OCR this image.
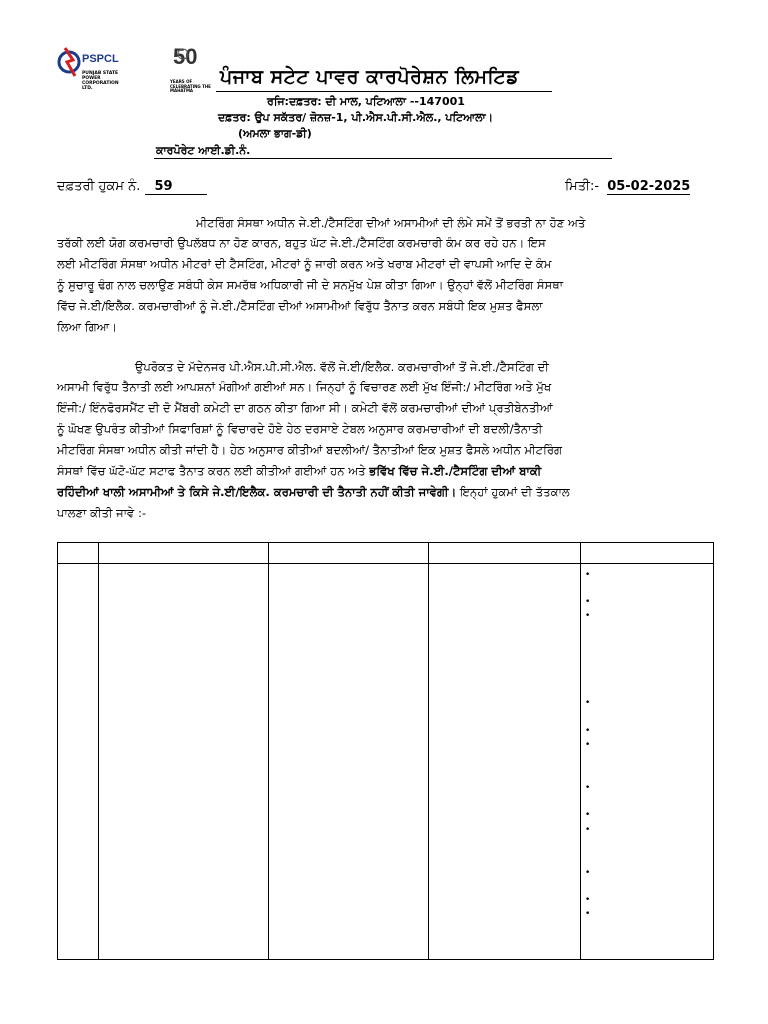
PSPCL 50
PUNJAB STATE POWER CORPORATION LTD.
YEARS OF CELEBRATING THE MAHATMA
ਪੰਜਾਬ ਸਟੇਟ ਪਾਵਰ ਕਾਰਪੋਰੇਸ਼ਨ ਲਿਮਟਿਡ
ਰਜਿ:ਦਫ਼ਤਰ: ਦੀ ਮਾਲ, ਪਟਿਆਲਾ --147001
ਦਫ਼ਤਰ: ਉਪ ਸਕੱਤਰ/ ਜ਼ੋਨਜ਼-1, ਪੀ.ਐਸ.ਪੀ.ਸੀ.ਐਲ., ਪਟਿਆਲਾ।
(ਅਮਲਾ ਭਾਗ-ਡੀ)
ਕਾਰਪੋਰੇਟ ਆਈ.ਡੀ.ਨੰ.
ਦਫ਼ਤਰੀ ਹੁਕਮ ਨੰ. 59	ਮਿਤੀ:- 05-02-2025
ਮੀਟਰਿੰਗ ਸੰਸਥਾ ਅਧੀਨ ਜੇ.ਈ./ਟੈਸਟਿੰਗ ਦੀਆਂ ਅਸਾਮੀਆਂ ਦੀ ਲੰਮੇ ਸਮੇਂ ਤੋਂ ਭਰਤੀ ਨਾ ਹੋਣ ਅਤੇ
ਤਰੱਕੀ ਲਈ ਯੋਗ ਕਰਮਚਾਰੀ ਉਪਲੱਬਧ ਨਾ ਹੋਣ ਕਾਰਨ, ਬਹੁਤ ਘੱਟ ਜੇ.ਈ./ਟੈਸਟਿੰਗ ਕਰਮਚਾਰੀ ਕੰਮ ਕਰ ਰਹੇ ਹਨ। ਇਸ
ਲਈ ਮੀਟਰਿੰਗ ਸੰਸਥਾ ਅਧੀਨ ਮੀਟਰਾਂ ਦੀ ਟੈਸਟਿੰਗ, ਮੀਟਰਾਂ ਨੂੰ ਜਾਰੀ ਕਰਨ ਅਤੇ ਖਰਾਬ ਮੀਟਰਾਂ ਦੀ ਵਾਪਸੀ ਆਦਿ ਦੇ ਕੰਮ
ਨੂੰ ਸੁਚਾਰੂ ਢੰਗ ਨਾਲ ਚਲਾਉਣ ਸਬੰਧੀ ਕੇਸ ਸਮਰੱਥ ਅਧਿਕਾਰੀ ਜੀ ਦੇ ਸਨਮੁੱਖ ਪੇਸ਼ ਕੀਤਾ ਗਿਆ। ਉਨ੍ਹਾਂ ਵੱਲੋਂ ਮੀਟਰਿੰਗ ਸੰਸਥਾ
ਵਿੱਚ ਜੇ.ਈ/ਇਲੈਕ. ਕਰਮਚਾਰੀਆਂ ਨੂੰ ਜੇ.ਈ./ਟੈਸਟਿੰਗ ਦੀਆਂ ਅਸਾਮੀਆਂ ਵਿਰੁੱਧ ਤੈਨਾਤ ਕਰਨ ਸਬੰਧੀ ਇਕ ਮੁਸ਼ਤ ਫੈਸਲਾ
ਲਿਆ ਗਿਆ।
ਉਪਰੋਕਤ ਦੇ ਮੱਦੇਨਜਰ ਪੀ.ਐਸ.ਪੀ.ਸੀ.ਐਲ. ਵੱਲੋਂ ਜੇ.ਈ/ਇਲੈਕ. ਕਰਮਚਾਰੀਆਂ ਤੋਂ ਜੇ.ਈ./ਟੈਸਟਿੰਗ ਦੀ
ਅਸਾਮੀ ਵਿਰੁੱਧ ਤੈਨਾਤੀ ਲਈ ਆਪਸ਼ਨਾਂ ਮੰਗੀਆਂ ਗਈਆਂ ਸਨ। ਜਿਨ੍ਹਾਂ ਨੂੰ ਵਿਚਾਰਣ ਲਈ ਮੁੱਖ ਇੰਜੀ:/ ਮੀਟਰਿੰਗ ਅਤੇ ਮੁੱਖ
ਇੰਜੀ:/ ਇੰਨਫੋਰਸਮੈਂਟ ਦੀ ਦੋ ਮੈਂਬਰੀ ਕਮੇਟੀ ਦਾ ਗਠਨ ਕੀਤਾ ਗਿਆ ਸੀ। ਕਮੇਟੀ ਵੱਲੋਂ ਕਰਮਚਾਰੀਆਂ ਦੀਆਂ ਪ੍ਰਤੀਬੇਨਤੀਆਂ
ਨੂੰ ਘੋਖਣ ਉਪਰੰਤ ਕੀਤੀਆਂ ਸਿਫਾਰਿਸ਼ਾਂ ਨੂੰ ਵਿਚਾਰਦੇ ਹੋਏ ਹੇਠ ਦਰਸਾਏ ਟੇਬਲ ਅਨੁਸਾਰ ਕਰਮਚਾਰੀਆਂ ਦੀ ਬਦਲੀ/ਤੈਨਾਤੀ
ਮੀਟਰਿੰਗ ਸੰਸਥਾ ਅਧੀਨ ਕੀਤੀ ਜਾਂਦੀ ਹੈ। ਹੇਠ ਅਨੁਸਾਰ ਕੀਤੀਆਂ ਬਦਲੀਆਂ/ ਤੈਨਾਤੀਆਂ ਇਕ ਮੁਸ਼ਤ ਫੈਸਲੇ ਅਧੀਨ ਮੀਟਰਿੰਗ
ਸੰਸਥਾਂ ਵਿੱਚ ਘੱਟੋ-ਘੱਟ ਸਟਾਫ ਤੈਨਾਤ ਕਰਨ ਲਈ ਕੀਤੀਆਂ ਗਈਆਂ ਹਨ ਅਤੇ ਭਵਿੱਖ ਵਿੱਚ ਜੇ.ਈ./ਟੈਸਟਿੰਗ ਦੀਆਂ ਬਾਕੀ
ਰਹਿੰਦੀਆਂ ਖਾਲੀ ਅਸਾਮੀਆਂ ਤੇ ਕਿਸੇ ਜੇ.ਈ/ਇਲੈਕ. ਕਰਮਚਾਰੀ ਦੀ ਤੈਨਾਤੀ ਨਹੀਂ ਕੀਤੀ ਜਾਵੇਗੀ। ਇਨ੍ਹਾਂ ਹੁਕਮਾਂ ਦੀ ਤੱਤਕਾਲ
ਪਾਲਣਾ ਕੀਤੀ ਜਾਵੇ :-
•
•
•
•
•
•
•
•
•
•
•
•
